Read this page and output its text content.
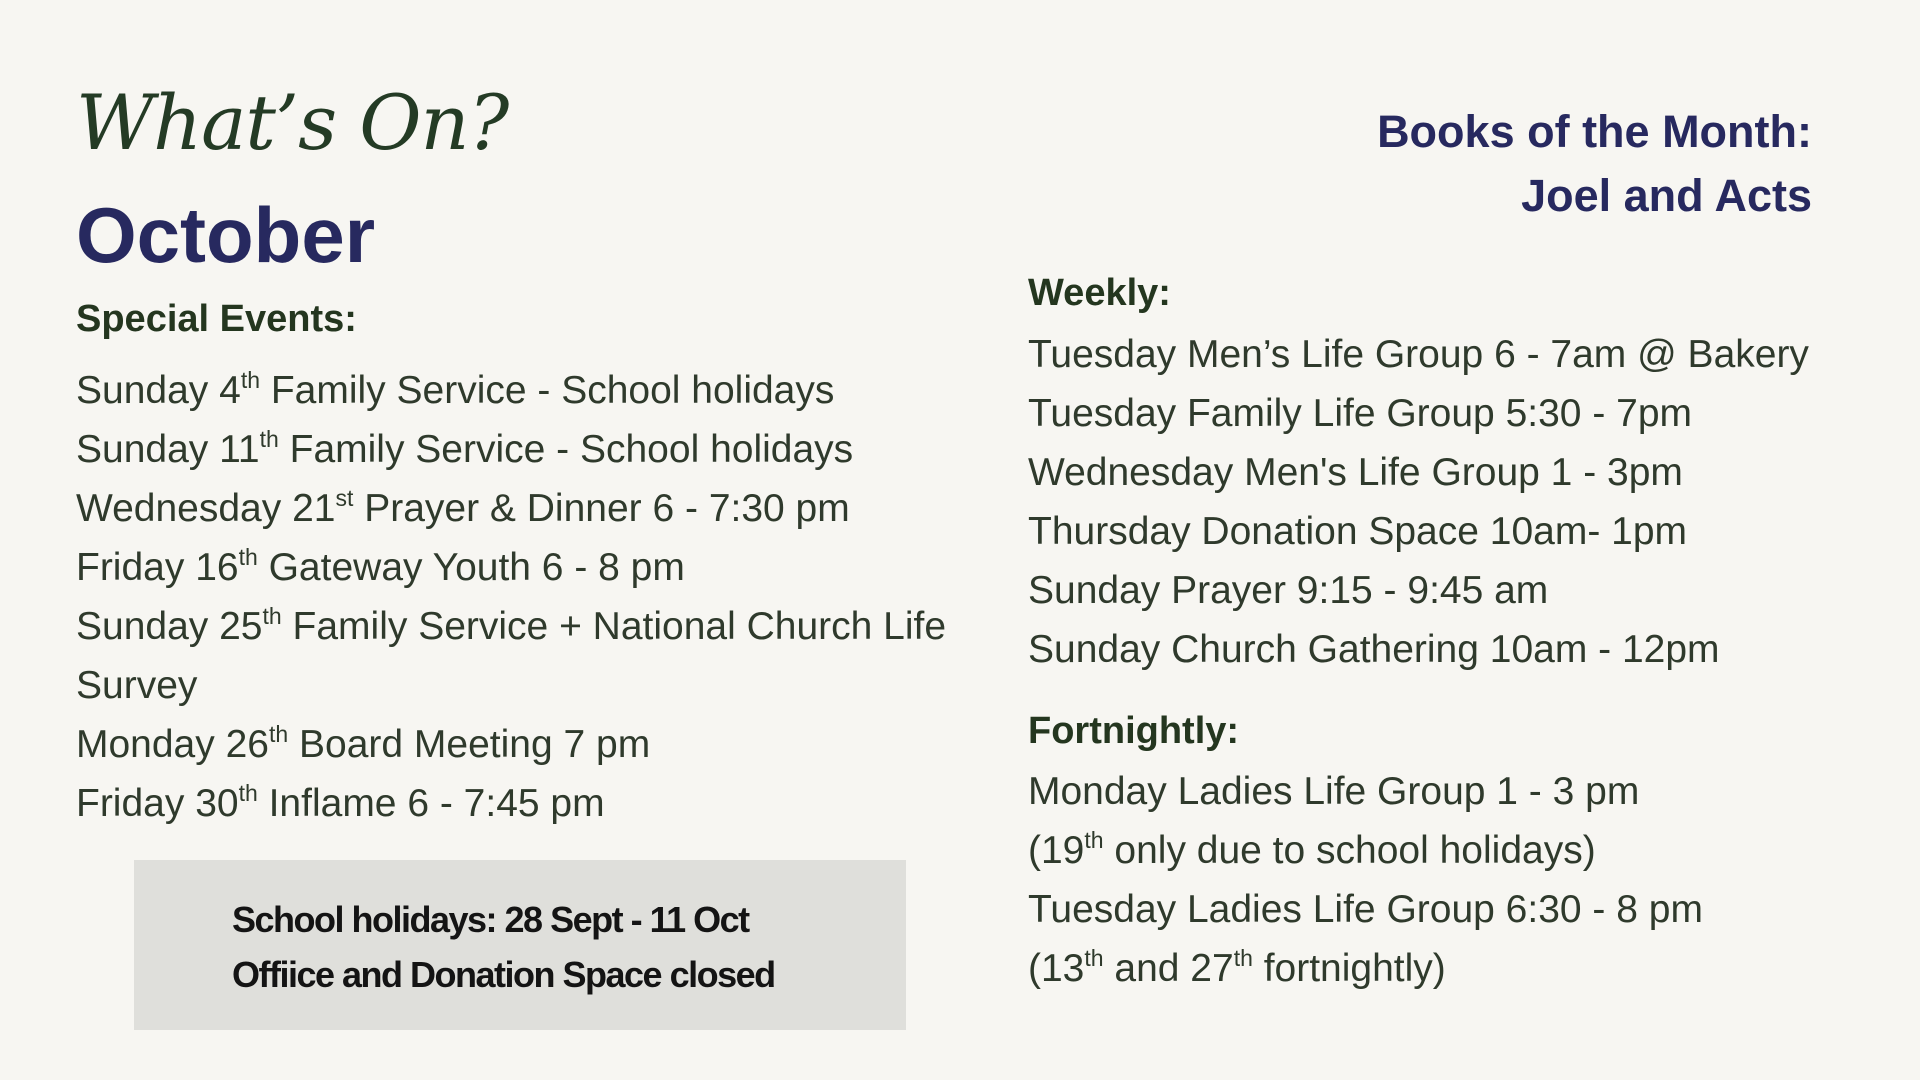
What’s On?
October
Books of the Month:
Joel and Acts
Special Events:
Sunday 4th Family Service - School holidays
Sunday 11th Family Service - School holidays
Wednesday 21st Prayer & Dinner 6 - 7:30 pm
Friday 16th Gateway Youth 6 - 8 pm
Sunday 25th Family Service + National Church Life
Survey
Monday 26th Board Meeting 7 pm
Friday 30th Inflame 6 - 7:45 pm
School holidays: 28 Sept - 11 Oct
Offiice and Donation Space closed
Weekly:
Tuesday Men’s Life Group 6 - 7am @ Bakery
Tuesday Family Life Group 5:30 - 7pm
Wednesday Men's Life Group 1 - 3pm
Thursday Donation Space 10am- 1pm
Sunday Prayer 9:15 - 9:45 am
Sunday Church Gathering 10am - 12pm
Fortnightly:
Monday Ladies Life Group 1 - 3 pm
(19th only due to school holidays)
Tuesday Ladies Life Group 6:30 - 8 pm
(13th and 27th fortnightly)
